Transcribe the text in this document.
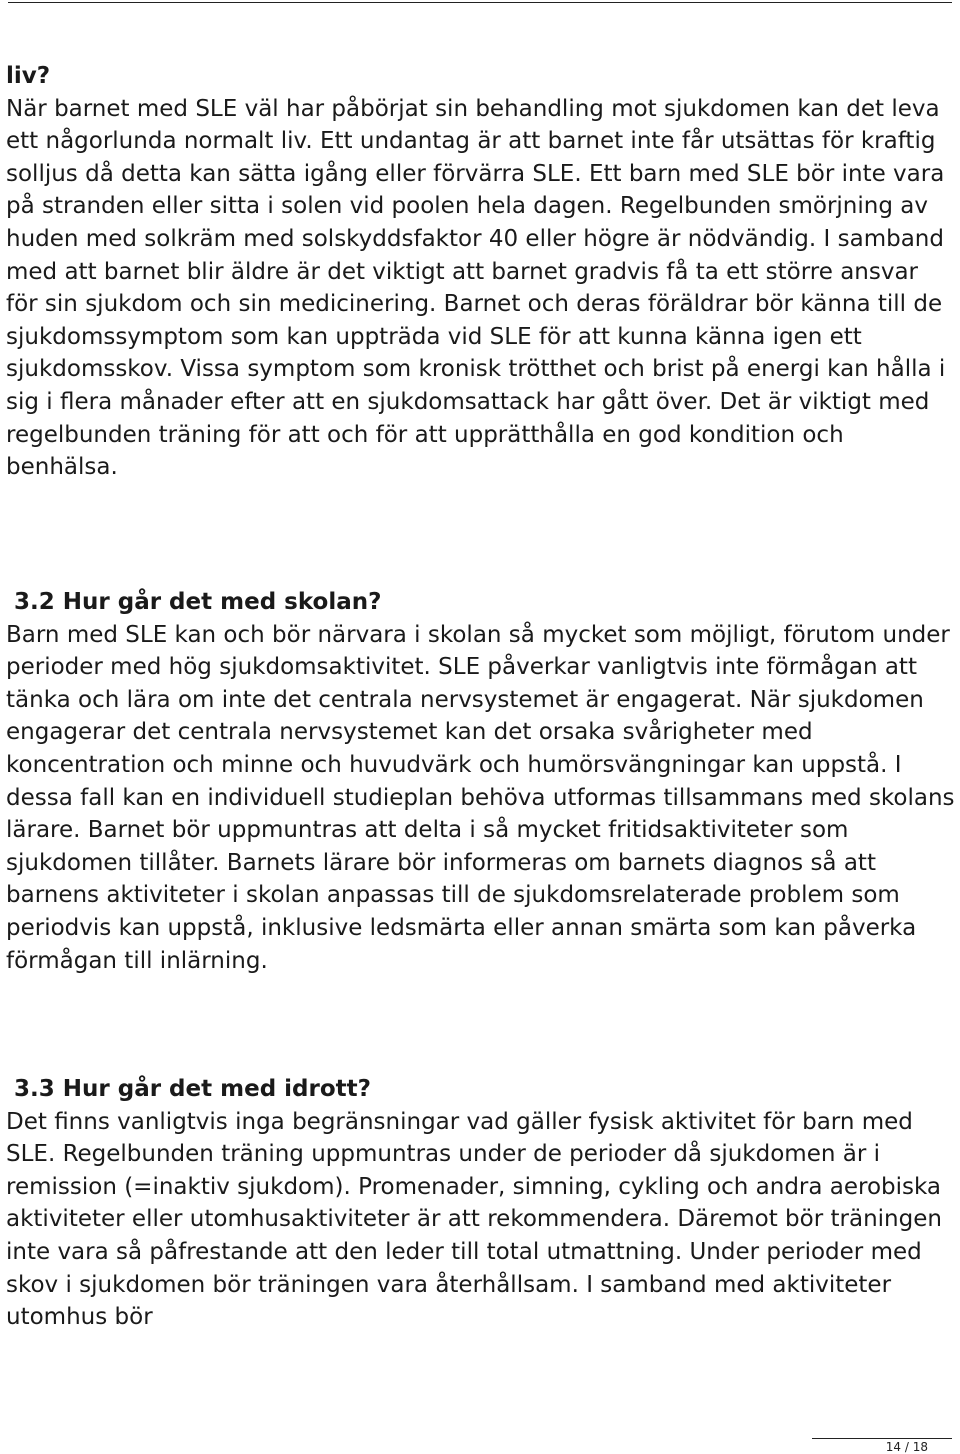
liv?

När barnet med SLE väl har påbörjat sin behandling mot sjukdomen kan det leva ett någorlunda normalt liv. Ett undantag är att barnet inte får utsättas för kraftig solljus då detta kan sätta igång eller förvärra SLE. Ett barn med SLE bör inte vara på stranden eller sitta i solen vid poolen hela dagen. Regelbunden smörjning av huden med solkräm med solskyddsfaktor 40 eller högre är nödvändig. I samband med att barnet blir äldre är det viktigt att barnet gradvis få ta ett större ansvar för sin sjukdom och sin medicinering. Barnet och deras föräldrar bör känna till de sjukdomssymptom som kan uppträda vid SLE för att kunna känna igen ett sjukdomsskov. Vissa symptom som kronisk trötthet och brist på energi kan hålla i sig i flera månader efter att en sjukdomsattack har gått över. Det är viktigt med regelbunden träning för att och för att upprätthålla en god kondition och benhälsa.

3.2 Hur går det med skolan?

Barn med SLE kan och bör närvara i skolan så mycket som möjligt, förutom under perioder med hög sjukdomsaktivitet. SLE påverkar vanligtvis inte förmågan att tänka och lära om inte det centrala nervsystemet är engagerat. När sjukdomen engagerar det centrala nervsystemet kan det orsaka svårigheter med koncentration och minne och huvudvärk och humörsvängningar kan uppstå. I dessa fall kan en individuell studieplan behöva utformas tillsammans med skolans lärare. Barnet bör uppmuntras att delta i så mycket fritidsaktiviteter som sjukdomen tillåter. Barnets lärare bör informeras om barnets diagnos så att barnens aktiviteter i skolan anpassas till de sjukdomsrelaterade problem som periodvis kan uppstå, inklusive ledsmärta eller annan smärta som kan påverka förmågan till inlärning.

3.3 Hur går det med idrott?

Det finns vanligtvis inga begränsningar vad gäller fysisk aktivitet för barn med SLE. Regelbunden träning uppmuntras under de perioder då sjukdomen är i remission (=inaktiv sjukdom). Promenader, simning, cykling och andra aerobiska aktiviteter eller utomhusaktiviteter är att rekommendera. Däremot bör träningen inte vara så påfrestande att den leder till total utmattning. Under perioder med skov i sjukdomen bör träningen vara återhållsam. I samband med aktiviteter utomhus bör

14 / 18
